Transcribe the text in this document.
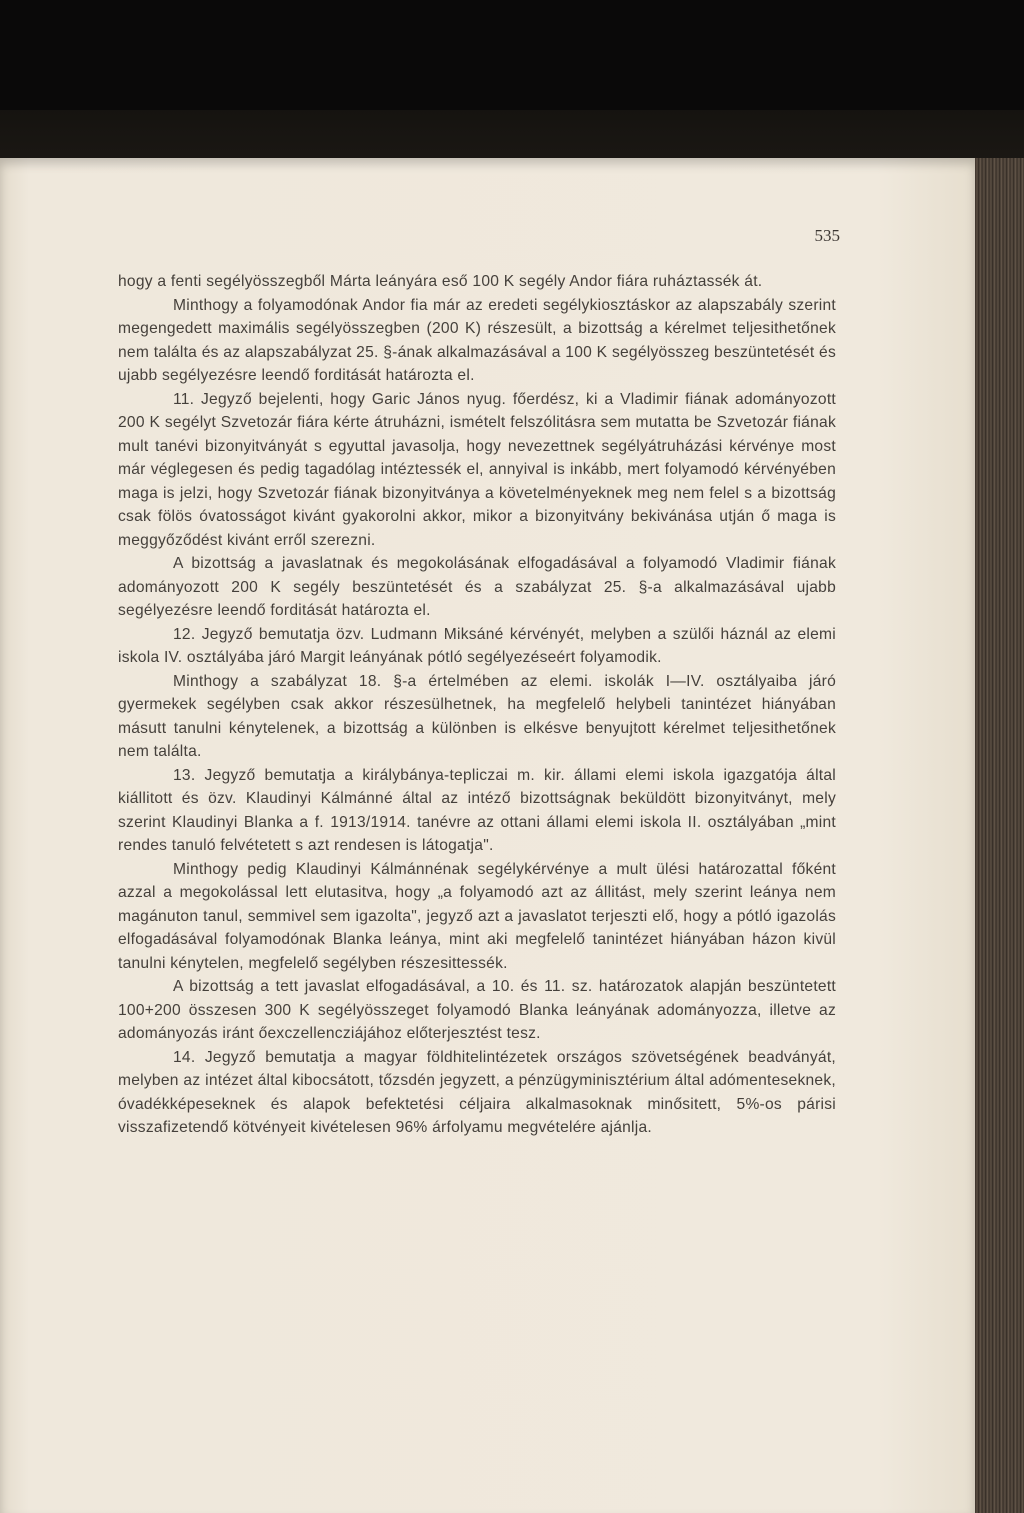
535

hogy a fenti segélyösszegből Márta leányára eső 100 K segély Andor fiára ruháztassék át.

Minthogy a folyamodónak Andor fia már az eredeti segélykiosztáskor az alapszabály szerint megengedett maximális segélyösszegben (200 K) részesült, a bizottság a kérelmet teljesithetőnek nem találta és az alapszabályzat 25. §-ának alkalmazásával a 100 K segélyösszeg beszüntetését és ujabb segélyezésre leendő forditását határozta el.

11. Jegyző bejelenti, hogy Garic János nyug. főerdész, ki a Vladimir fiának adományozott 200 K segélyt Szvetozár fiára kérte átruházni, ismételt felszólitásra sem mutatta be Szvetozár fiának mult tanévi bizonyitványát s egyuttal javasolja, hogy nevezettnek segélyátruházási kérvénye most már véglegesen és pedig tagadólag intéztessék el, annyival is inkább, mert folyamodó kérvényében maga is jelzi, hogy Szvetozár fiának bizonyitványa a követelményeknek meg nem felel s a bizottság csak fölös óvatosságot kivánt gyakorolni akkor, mikor a bizonyitvány bekivánása utján ő maga is meggyőződést kivánt erről szerezni.

A bizottság a javaslatnak és megokolásának elfogadásával a folyamodó Vladimir fiának adományozott 200 K segély beszüntetését és a szabályzat 25. §-a alkalmazásával ujabb segélyezésre leendő forditását határozta el.

12. Jegyző bemutatja özv. Ludmann Miksáné kérvényét, melyben a szülői háznál az elemi iskola IV. osztályába járó Margit leányának pótló segélyezéseért folyamodik.

Minthogy a szabályzat 18. §-a értelmében az elemi. iskolák I—IV. osztályaiba járó gyermekek segélyben csak akkor részesülhetnek, ha megfelelő helybeli tanintézet hiányában másutt tanulni kénytelenek, a bizottság a különben is elkésve benyujtott kérelmet teljesithetőnek nem találta.

13. Jegyző bemutatja a királybánya-tepliczai m. kir. állami elemi iskola igazgatója által kiállitott és özv. Klaudinyi Kálmánné által az intéző bizottságnak beküldött bizonyitványt, mely szerint Klaudinyi Blanka a f. 1913/1914. tanévre az ottani állami elemi iskola II. osztályában „mint rendes tanuló felvétetett s azt rendesen is látogatja".

Minthogy pedig Klaudinyi Kálmánnénak segélykérvénye a mult ülési határozattal főként azzal a megokolással lett elutasitva, hogy „a folyamodó azt az állitást, mely szerint leánya nem magánuton tanul, semmivel sem igazolta", jegyző azt a javaslatot terjeszti elő, hogy a pótló igazolás elfogadásával folyamodónak Blanka leánya, mint aki megfelelő tanintézet hiányában házon kivül tanulni kénytelen, megfelelő segélyben részesittessék.

A bizottság a tett javaslat elfogadásával, a 10. és 11. sz. határozatok alapján beszüntetett 100+200 összesen 300 K segélyösszeget folyamodó Blanka leányának adományozza, illetve az adományozás iránt őexczellencziájához előterjesztést tesz.

14. Jegyző bemutatja a magyar földhitelintézetek országos szövetségének beadványát, melyben az intézet által kibocsátott, tőzsdén jegyzett, a pénzügyminisztérium által adómenteseknek, óvadékképeseknek és alapok befektetési céljaira alkalmasoknak minősitett, 5%-os párisi visszafizetendő kötvényeit kivételesen 96% árfolyamu megvételére ajánlja.
